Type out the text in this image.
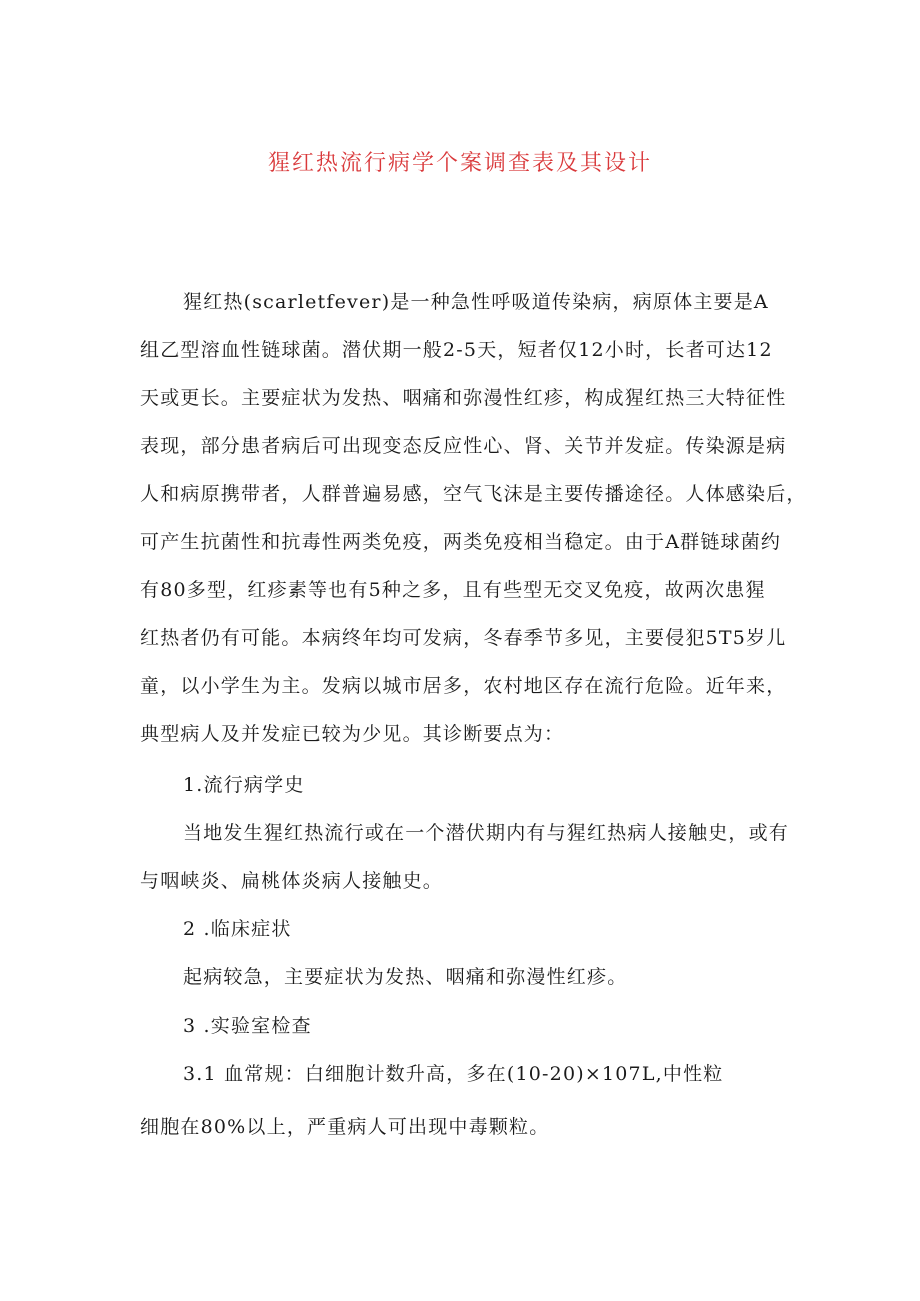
猩红热流行病学个案调查表及其设计
猩红热(scarletfever)是一种急性呼吸道传染病，病原体主要是A
组乙型溶血性链球菌。潜伏期一般2-5天，短者仅12小时，长者可达12
天或更长。主要症状为发热、咽痛和弥漫性红疹，构成猩红热三大特征性
表现，部分患者病后可出现变态反应性心、肾、关节并发症。传染源是病
人和病原携带者，人群普遍易感，空气飞沫是主要传播途径。人体感染后，
可产生抗菌性和抗毒性两类免疫，两类免疫相当稳定。由于A群链球菌约
有80多型，红疹素等也有5种之多，且有些型无交叉免疫，故两次患猩
红热者仍有可能。本病终年均可发病，冬春季节多见，主要侵犯5T5岁儿
童，以小学生为主。发病以城市居多，农村地区存在流行危险。近年来，
典型病人及并发症已较为少见。其诊断要点为：
1.流行病学史
当地发生猩红热流行或在一个潜伏期内有与猩红热病人接触史，或有
与咽峡炎、扁桃体炎病人接触史。
2 .临床症状
起病较急，主要症状为发热、咽痛和弥漫性红疹。
3 .实验室检查
3.1 血常规：白细胞计数升高，多在(10-20)×107L,中性粒
细胞在80%以上，严重病人可出现中毒颗粒。
